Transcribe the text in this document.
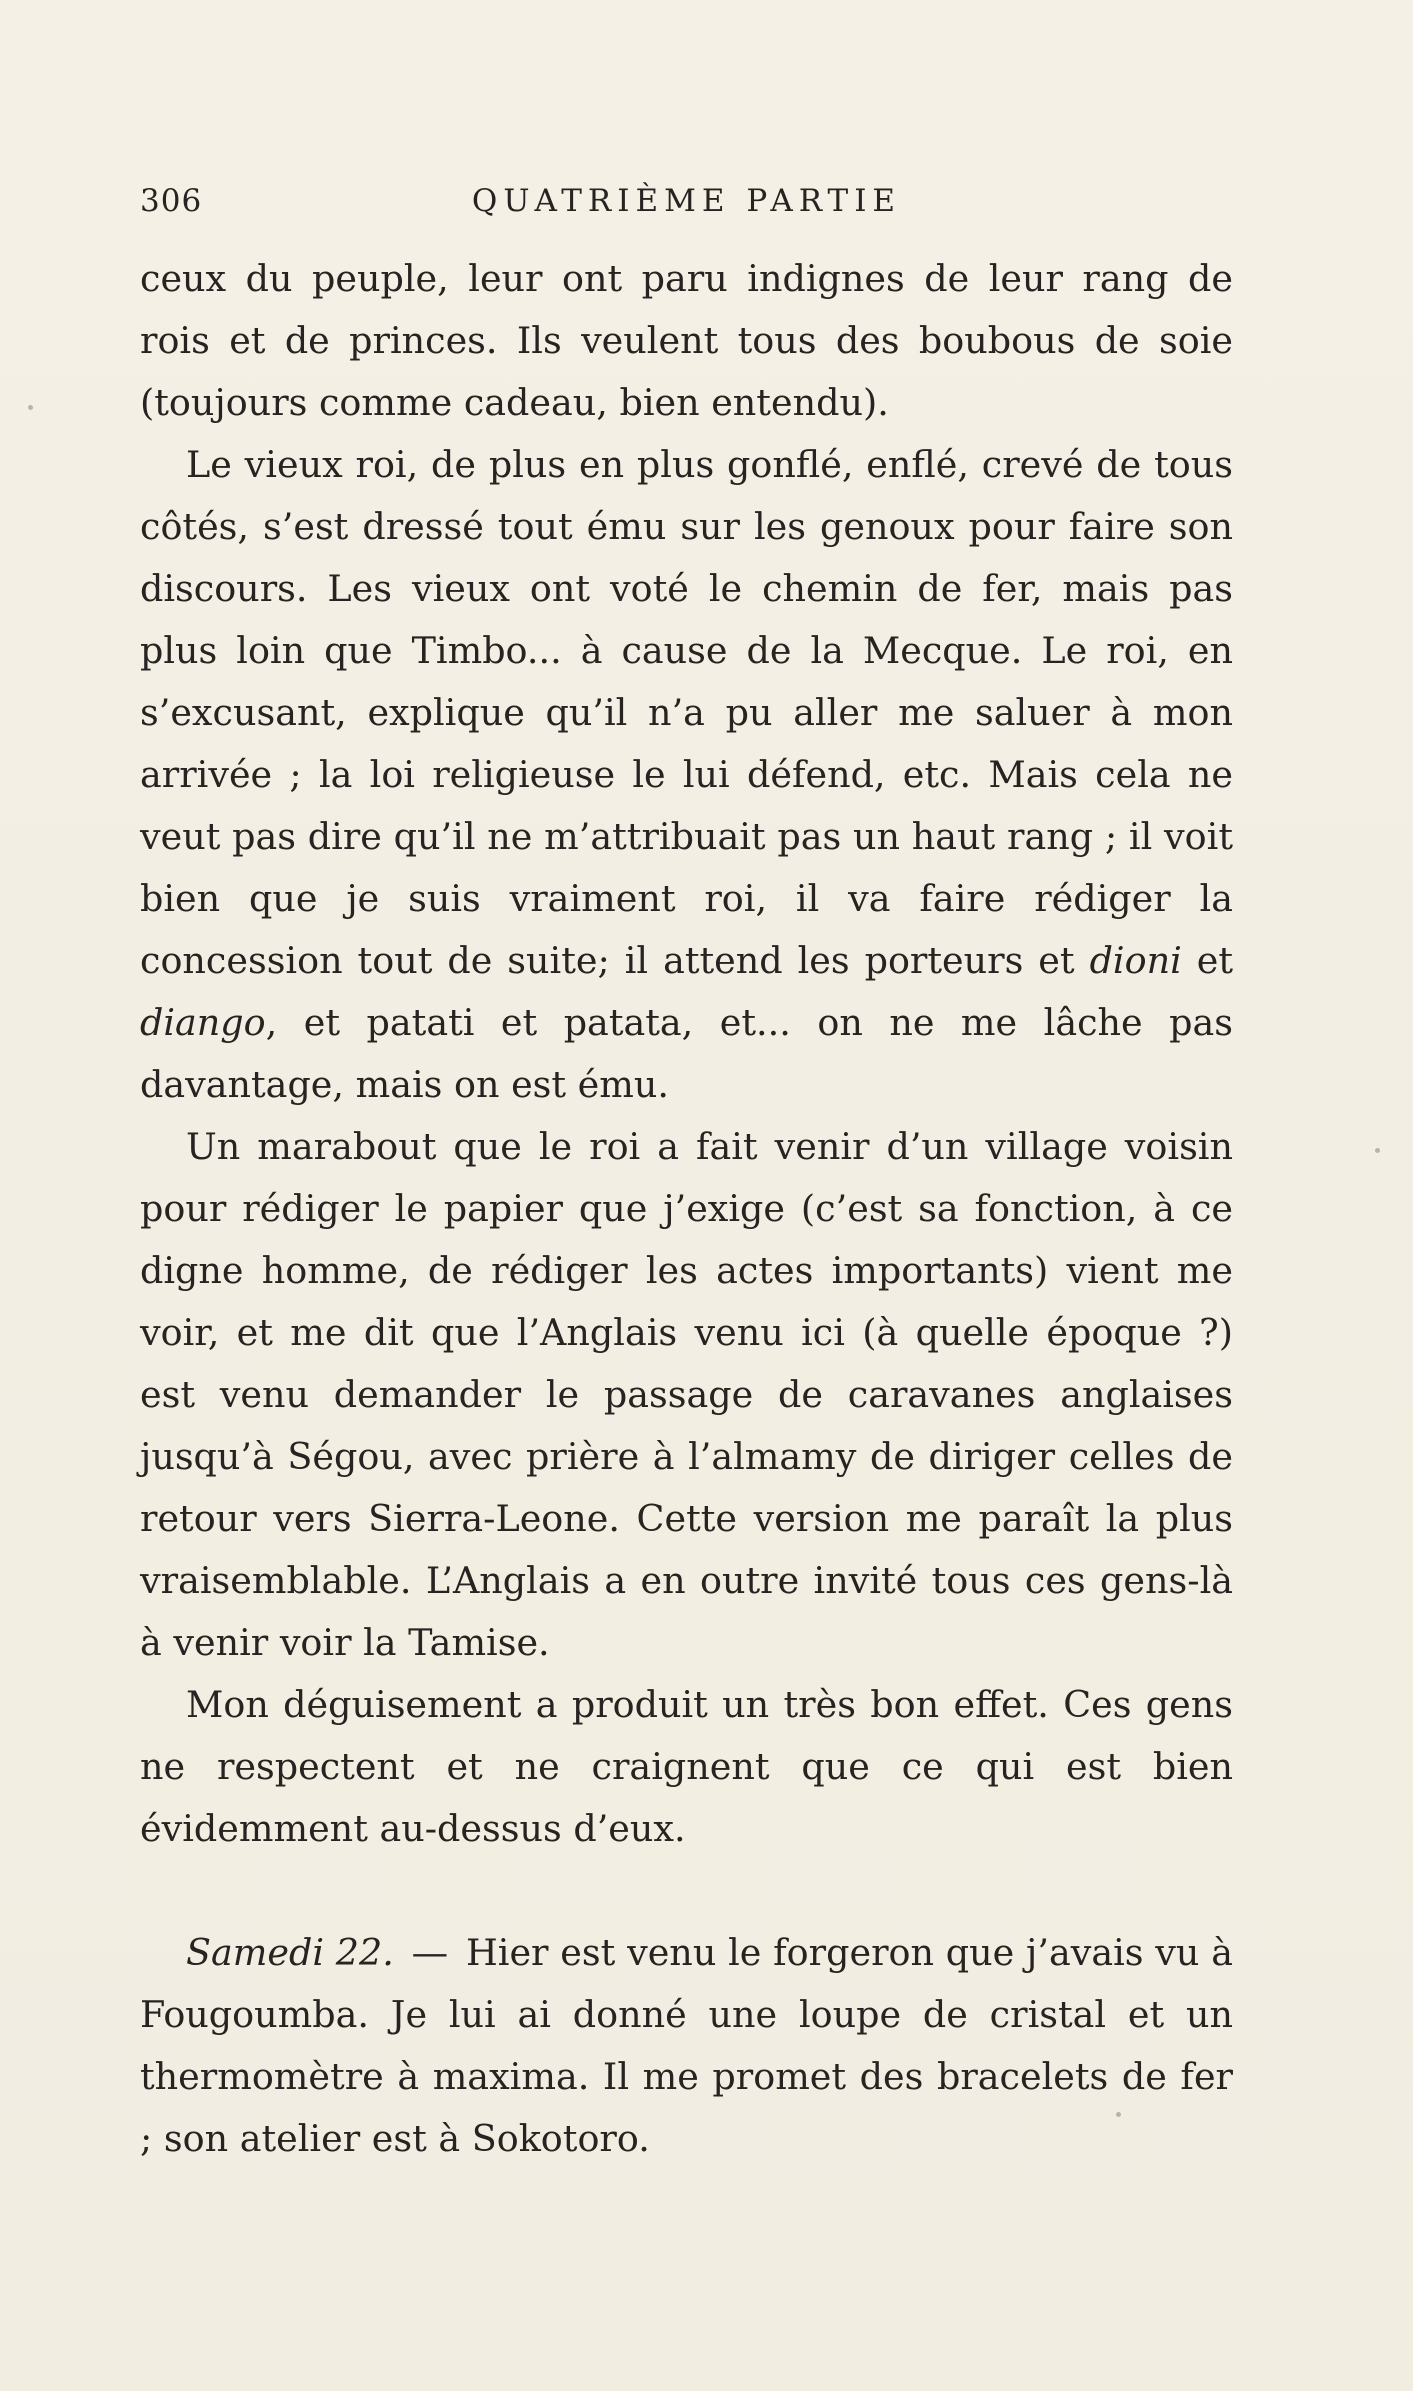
306	QUATRIÈME PARTIE

ceux du peuple, leur ont paru indignes de leur rang de rois et de princes. Ils veulent tous des boubous de soie (toujours comme cadeau, bien entendu).

Le vieux roi, de plus en plus gonflé, enflé, crevé de tous côtés, s’est dressé tout ému sur les genoux pour faire son discours. Les vieux ont voté le chemin de fer, mais pas plus loin que Timbo... à cause de la Mecque. Le roi, en s’excusant, explique qu’il n’a pu aller me saluer à mon arrivée ; la loi religieuse le lui défend, etc. Mais cela ne veut pas dire qu’il ne m’attribuait pas un haut rang ; il voit bien que je suis vraiment roi, il va faire rédiger la concession tout de suite; il attend les porteurs et dioni et diango, et patati et patata, et... on ne me lâche pas davantage, mais on est ému.

Un marabout que le roi a fait venir d’un village voisin pour rédiger le papier que j’exige (c’est sa fonction, à ce digne homme, de rédiger les actes importants) vient me voir, et me dit que l’Anglais venu ici (à quelle époque ?) est venu demander le passage de caravanes anglaises jusqu’à Ségou, avec prière à l’almamy de diriger celles de retour vers Sierra-Leone. Cette version me paraît la plus vraisemblable. L’Anglais a en outre invité tous ces gens-là à venir voir la Tamise.

Mon déguisement a produit un très bon effet. Ces gens ne respectent et ne craignent que ce qui est bien évidemment au-dessus d’eux.

Samedi 22. — Hier est venu le forgeron que j’avais vu à Fougoumba. Je lui ai donné une loupe de cristal et un thermomètre à maxima. Il me promet des bracelets de fer ; son atelier est à Sokotoro.
